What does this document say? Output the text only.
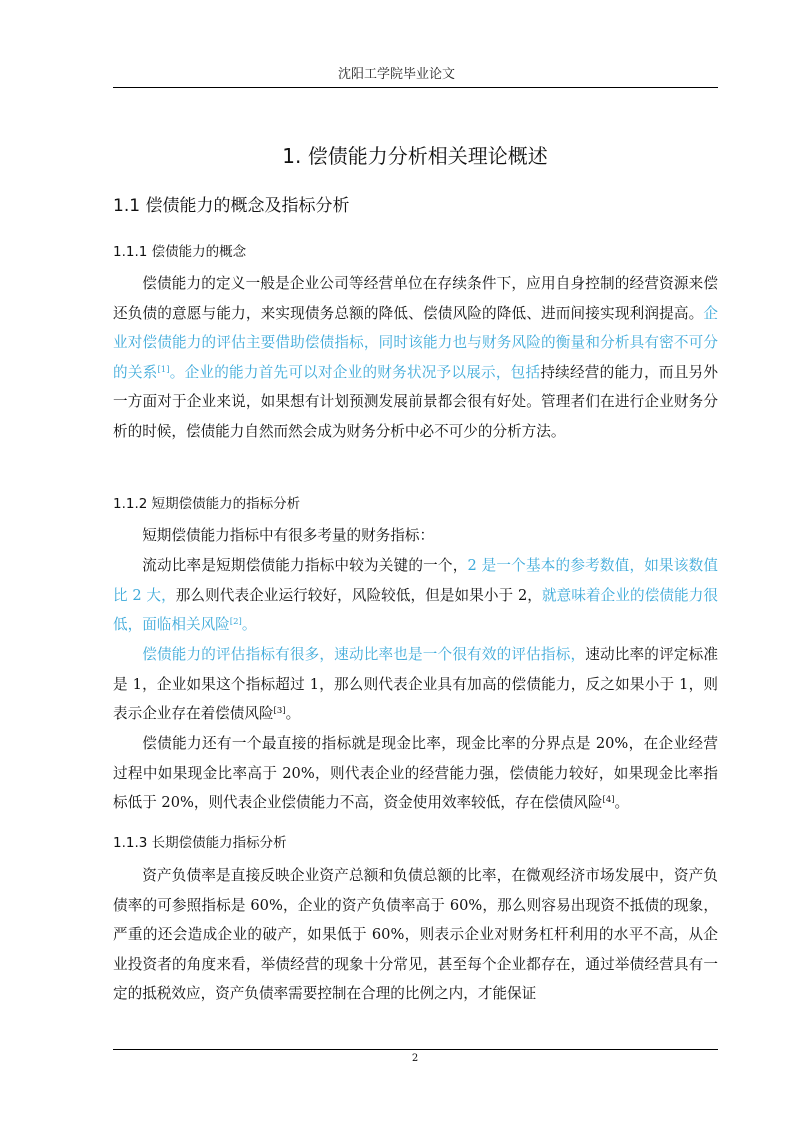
沈阳工学院毕业论文
1. 偿债能力分析相关理论概述
1.1 偿债能力的概念及指标分析
1.1.1 偿债能力的概念

偿债能力的定义一般是企业公司等经营单位在存续条件下，应用自身控制的经营资源来偿还负债的意愿与能力，来实现债务总额的降低、偿债风险的降低、进而间接实现利润提高。企业对偿债能力的评估主要借助偿债指标，同时该能力也与财务风险的衡量和分析具有密不可分的关系[1]。企业的能力首先可以对企业的财务状况予以展示，包括持续经营的能力，而且另外一方面对于企业来说，如果想有计划预测发展前景都会很有好处。管理者们在进行企业财务分析的时候，偿债能力自然而然会成为财务分析中必不可少的分析方法。

1.1.2 短期偿债能力的指标分析

短期偿债能力指标中有很多考量的财务指标：

流动比率是短期偿债能力指标中较为关键的一个，2 是一个基本的参考数值，如果该数值比 2 大，那么则代表企业运行较好，风险较低，但是如果小于 2，就意味着企业的偿债能力很低，面临相关风险[2]。

偿债能力的评估指标有很多，速动比率也是一个很有效的评估指标，速动比率的评定标准是 1，企业如果这个指标超过 1，那么则代表企业具有加高的偿债能力，反之如果小于 1，则表示企业存在着偿债风险[3]。

偿债能力还有一个最直接的指标就是现金比率，现金比率的分界点是 20%，在企业经营过程中如果现金比率高于 20%，则代表企业的经营能力强，偿债能力较好，如果现金比率指标低于 20%，则代表企业偿债能力不高，资金使用效率较低，存在偿债风险[4]。

1.1.3 长期偿债能力指标分析

资产负债率是直接反映企业资产总额和负债总额的比率，在微观经济市场发展中，资产负债率的可参照指标是 60%，企业的资产负债率高于 60%，那么则容易出现资不抵债的现象，严重的还会造成企业的破产，如果低于 60%，则表示企业对财务杠杆利用的水平不高，从企业投资者的角度来看，举债经营的现象十分常见，甚至每个企业都存在，通过举债经营具有一定的抵税效应，资产负债率需要控制在合理的比例之内，才能保证

2
